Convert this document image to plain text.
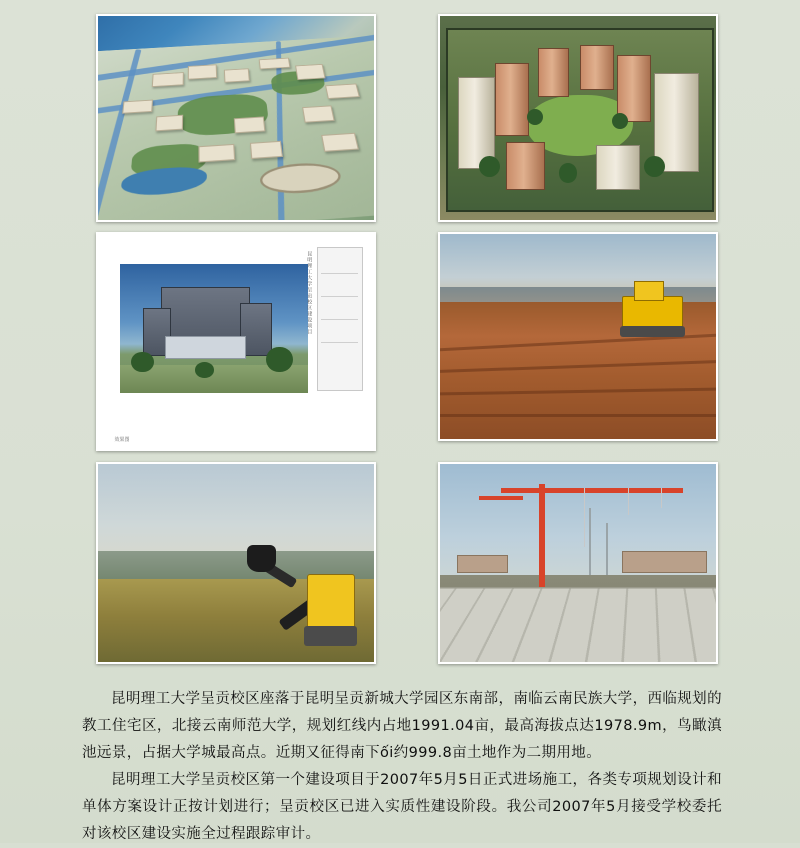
昆明理工大学呈贡校区建设项目
效果图

昆明理工大学呈贡校区座落于昆明呈贡新城大学园区东南部，南临云南民族大学，西临规划的教工住宅区，北接云南师范大学，规划红线内占地1991.04亩，最高海拔点达1978.9m，鸟瞰滇池远景，占据大学城最高点。近期又征得南下ối约999.8亩土地作为二期用地。

昆明理工大学呈贡校区第一个建设项目于2007年5月5日正式进场施工，各类专项规划设计和单体方案设计正按计划进行；呈贡校区已进入实质性建设阶段。我公司2007年5月接受学校委托对该校区建设实施全过程跟踪审计。
